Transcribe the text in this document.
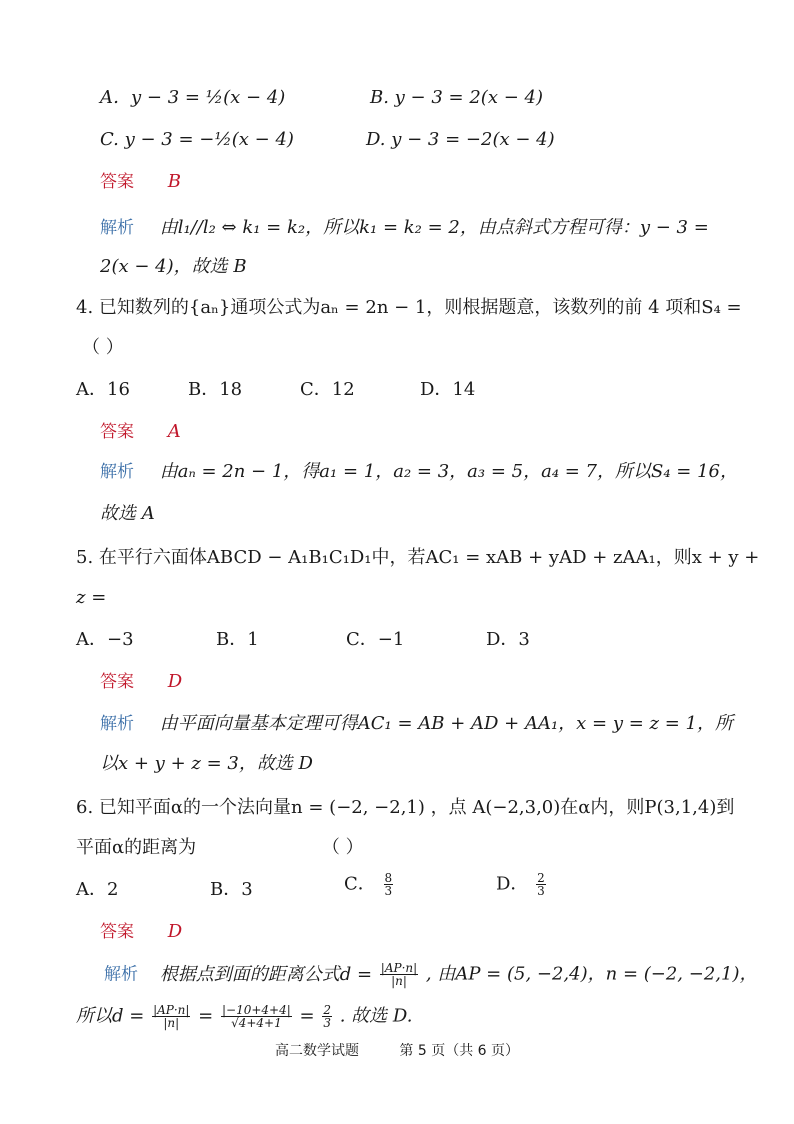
A．y − 3 = ½(x − 4)	B. y − 3 = 2(x − 4)
C. y − 3 = −½(x − 4)	D. y − 3 = −2(x − 4)
答案 B
解析 由l₁//l₂ ⇔ k₁ = k₂，所以k₁ = k₂ = 2，由点斜式方程可得：y − 3 =
2(x − 4)，故选 B
4. 已知数列的{aₙ}通项公式为aₙ = 2n − 1，则根据题意，该数列的前 4 项和S₄ =
（ ）
A．16	B．18	C．12	D．14
答案 A
解析 由aₙ = 2n − 1，得a₁ = 1，a₂ = 3，a₃ = 5，a₄ = 7，所以S₄ = 16，
故选 A
5. 在平行六面体ABCD − A₁B₁C₁D₁中，若AC₁ = xAB + yAD + zAA₁，则x + y +
z =
A．−3	B．1	C．−1	D．3
答案 D
解析 由平面向量基本定理可得AC₁ = AB + AD + AA₁，x = y = z = 1，所
以x + y + z = 3，故选 D
6. 已知平面α的一个法向量n = (−2, −2,1) ，点 A(−2,3,0)在α内，则P(3,1,4)到
平面α的距离为	（ ）
A．2	B．3	C． $\frac{8}{3}$	D． $\frac{2}{3}$
答案 D
解析 根据点到面的距离公式$d = \frac{|AP\cdot n|}{|n|}$ , 由AP = (5, −2,4)，n = (−2, −2,1)，
所以$d = \frac{|AP\cdot n|}{|n|} = \frac{|-10+4+4|}{√4+4+1} = \frac{2}{3}$ . 故选 D.
高二数学试题	第 5 页（共 6 页）
